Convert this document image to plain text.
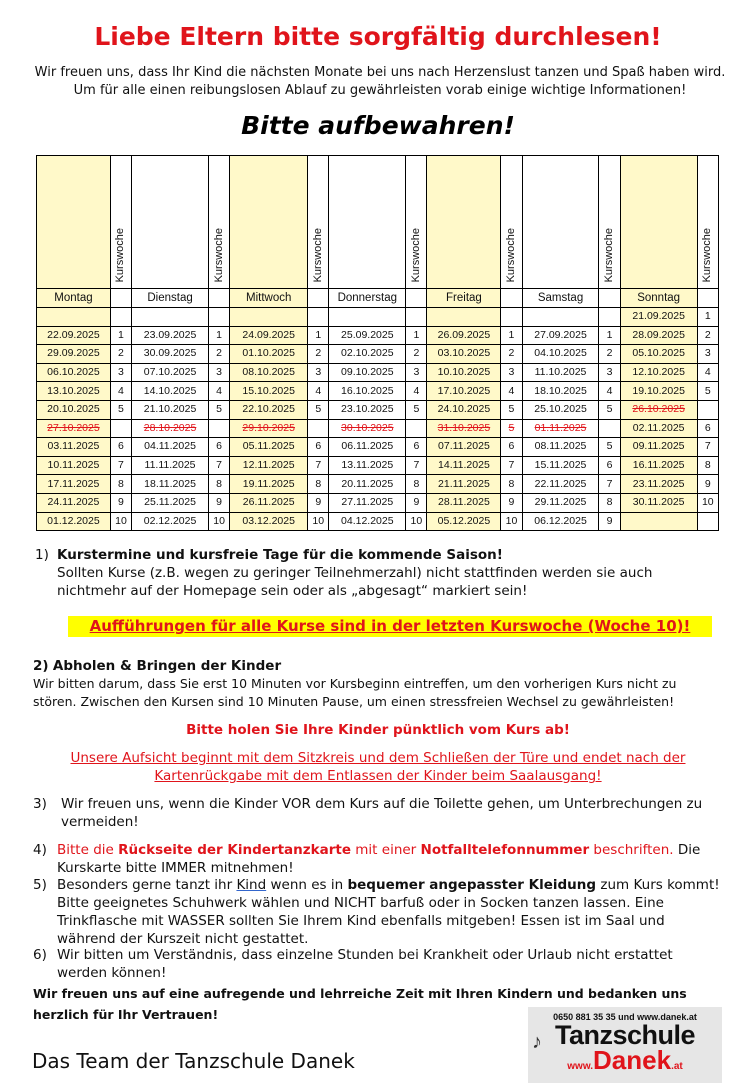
Liebe Eltern bitte sorgfältig durchlesen!
Wir freuen uns, dass Ihr Kind die nächsten Monate bei uns nach Herzenslust tanzen und Spaß haben wird. Um für alle einen reibungslosen Ablauf zu gewährleisten vorab einige wichtige Informationen!
Bitte aufbewahren!
	Kurswoche		Kurswoche		Kurswoche		Kurswoche		Kurswoche		Kurswoche		Kurswoche
Montag		Dienstag		Mittwoch		Donnerstag		Freitag		Samstag		Sonntag	
												21.09.2025	1
22.09.2025	1	23.09.2025	1	24.09.2025	1	25.09.2025	1	26.09.2025	1	27.09.2025	1	28.09.2025	2
29.09.2025	2	30.09.2025	2	01.10.2025	2	02.10.2025	2	03.10.2025	2	04.10.2025	2	05.10.2025	3
06.10.2025	3	07.10.2025	3	08.10.2025	3	09.10.2025	3	10.10.2025	3	11.10.2025	3	12.10.2025	4
13.10.2025	4	14.10.2025	4	15.10.2025	4	16.10.2025	4	17.10.2025	4	18.10.2025	4	19.10.2025	5
20.10.2025	5	21.10.2025	5	22.10.2025	5	23.10.2025	5	24.10.2025	5	25.10.2025	5	26.10.2025	
27.10.2025		28.10.2025		29.10.2025		30.10.2025		31.10.2025	5	01.11.2025		02.11.2025	6
03.11.2025	6	04.11.2025	6	05.11.2025	6	06.11.2025	6	07.11.2025	6	08.11.2025	5	09.11.2025	7
10.11.2025	7	11.11.2025	7	12.11.2025	7	13.11.2025	7	14.11.2025	7	15.11.2025	6	16.11.2025	8
17.11.2025	8	18.11.2025	8	19.11.2025	8	20.11.2025	8	21.11.2025	8	22.11.2025	7	23.11.2025	9
24.11.2025	9	25.11.2025	9	26.11.2025	9	27.11.2025	9	28.11.2025	9	29.11.2025	8	30.11.2025	10
01.12.2025	10	02.12.2025	10	03.12.2025	10	04.12.2025	10	05.12.2025	10	06.12.2025	9		
1) Kurstermine und kursfreie Tage für die kommende Saison!
Sollten Kurse (z.B. wegen zu geringer Teilnehmerzahl) nicht stattfinden werden sie auch nichtmehr auf der Homepage sein oder als „abgesagt“ markiert sein!
Aufführungen für alle Kurse sind in der letzten Kurswoche (Woche 10)!
2) Abholen & Bringen der Kinder
Wir bitten darum, dass Sie erst 10 Minuten vor Kursbeginn eintreffen, um den vorherigen Kurs nicht zu stören. Zwischen den Kursen sind 10 Minuten Pause, um einen stressfreien Wechsel zu gewährleisten!
Bitte holen Sie Ihre Kinder pünktlich vom Kurs ab!
Unsere Aufsicht beginnt mit dem Sitzkreis und dem Schließen der Türe und endet nach der Kartenrückgabe mit dem Entlassen der Kinder beim Saalausgang!
3) Wir freuen uns, wenn die Kinder VOR dem Kurs auf die Toilette gehen, um Unterbrechungen zu vermeiden!
4) Bitte die Rückseite der Kindertanzkarte mit einer Notfalltelefonnummer beschriften. Die Kurskarte bitte IMMER mitnehmen!
5) Besonders gerne tanzt ihr Kind wenn es in bequemer angepasster Kleidung zum Kurs kommt! Bitte geeignetes Schuhwerk wählen und NICHT barfuß oder in Socken tanzen lassen. Eine Trinkflasche mit WASSER sollten Sie Ihrem Kind ebenfalls mitgeben! Essen ist im Saal und während der Kurszeit nicht gestattet.
6) Wir bitten um Verständnis, dass einzelne Stunden bei Krankheit oder Urlaub nicht erstattet werden können!
Wir freuen uns auf eine aufregende und lehrreiche Zeit mit Ihren Kindern und bedanken uns herzlich für Ihr Vertrauen!
♪
0650 881 35 35 und www.danek.at
Tanzschule
www.Danek.at
Das Team der Tanzschule Danek
